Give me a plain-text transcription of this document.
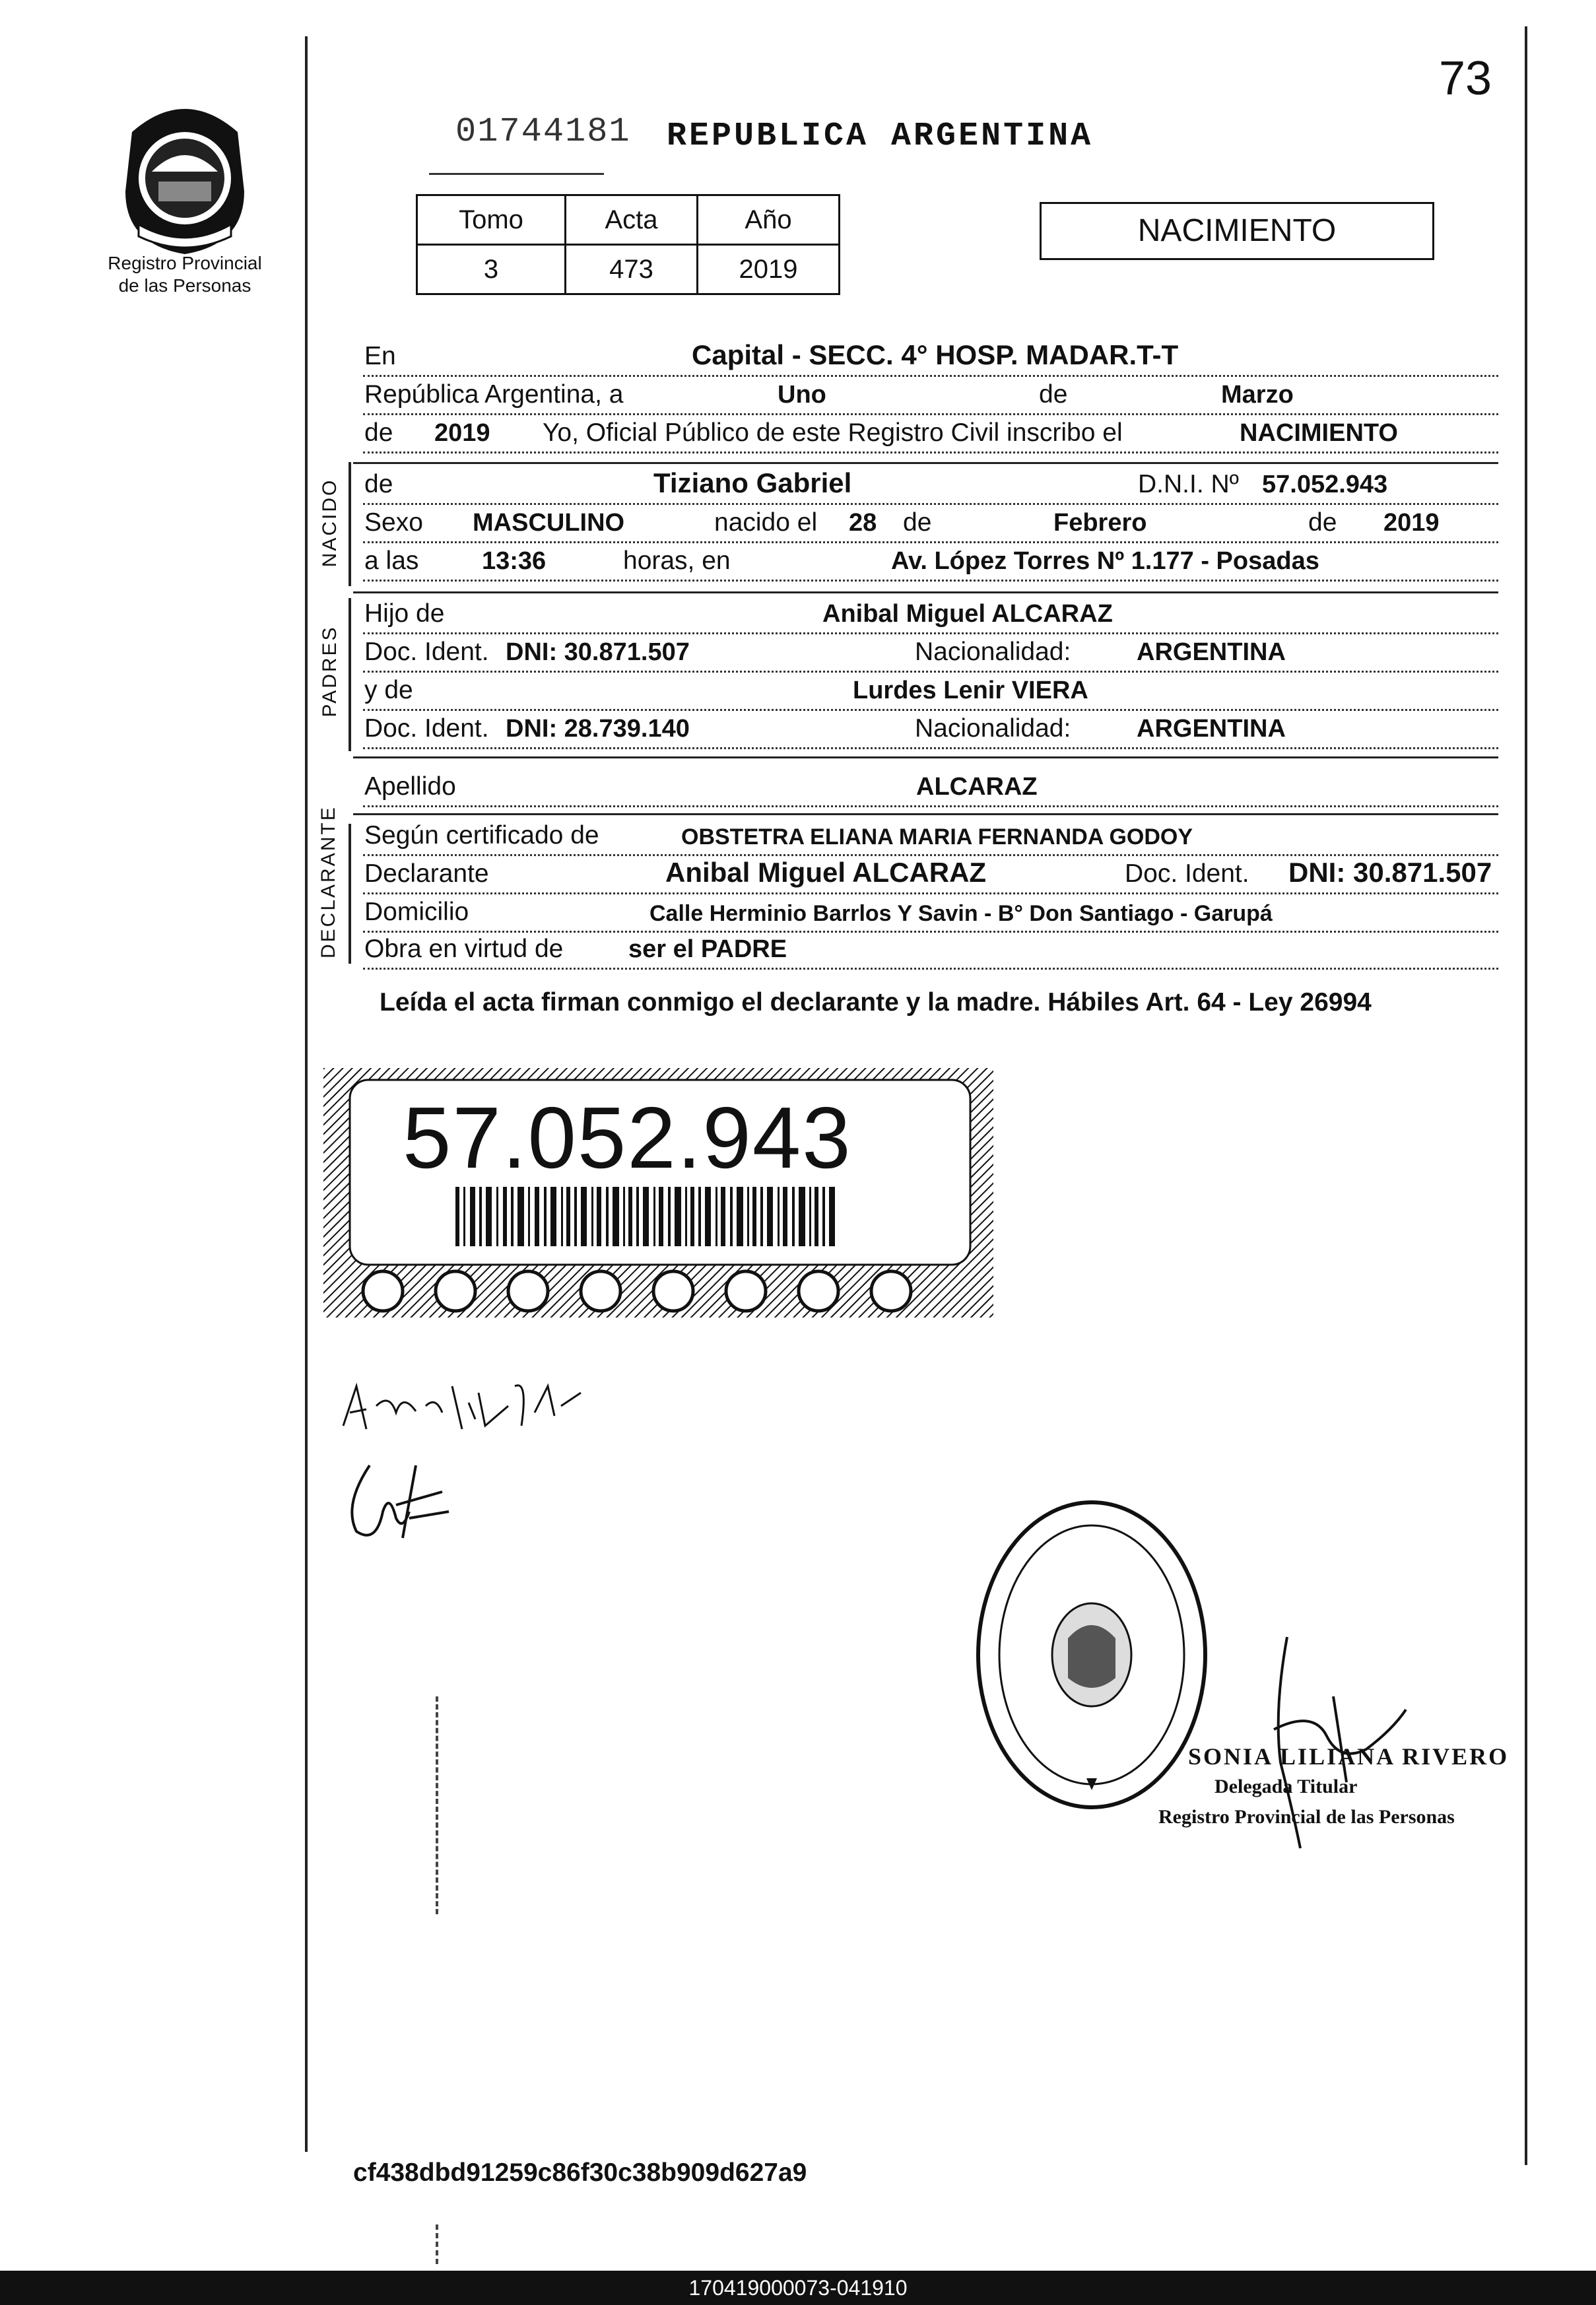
73
Registro Provincial
de las Personas
01744181 REPUBLICA ARGENTINA
Tomo	Acta	Año
3	473	2019
NACIMIENTO
En	Capital - SECC. 4° HOSP. MADAR.T-T
República Argentina, a	Uno	de	Marzo
de 2019 Yo, Oficial Público de este Registro Civil inscribo el	NACIMIENTO
NACIDO de	Tiziano Gabriel	D.N.I. Nº 57.052.943
Sexo MASCULINO	nacido el 28 de	Febrero	de 2019
a las	13:36	horas, en	Av. López Torres Nº 1.177 - Posadas
PADRES
Hijo de	Anibal Miguel ALCARAZ
Doc. Ident. DNI: 30.871.507	Nacionalidad:	ARGENTINA
y de	Lurdes Lenir VIERA
Doc. Ident. DNI: 28.739.140	Nacionalidad:	ARGENTINA
Apellido	ALCARAZ
DECLARANTE Según certificado de	OBSTETRA ELIANA MARIA FERNANDA GODOY
Declarante	Anibal Miguel ALCARAZ	Doc. Ident. DNI: 30.871.507
Domicilio	Calle Herminio Barrlos Y Savin - B° Don Santiago - Garupá
Obra en virtud de	ser el PADRE
Leída el acta firman conmigo el declarante y la madre. Hábiles Art. 64 - Ley 26994
57.052.943
SONIA LILIANA RIVERO
Delegada Titular
Registro Provincial de las Personas
cf438dbd91259c86f30c38b909d627a9
170419000073-041910
